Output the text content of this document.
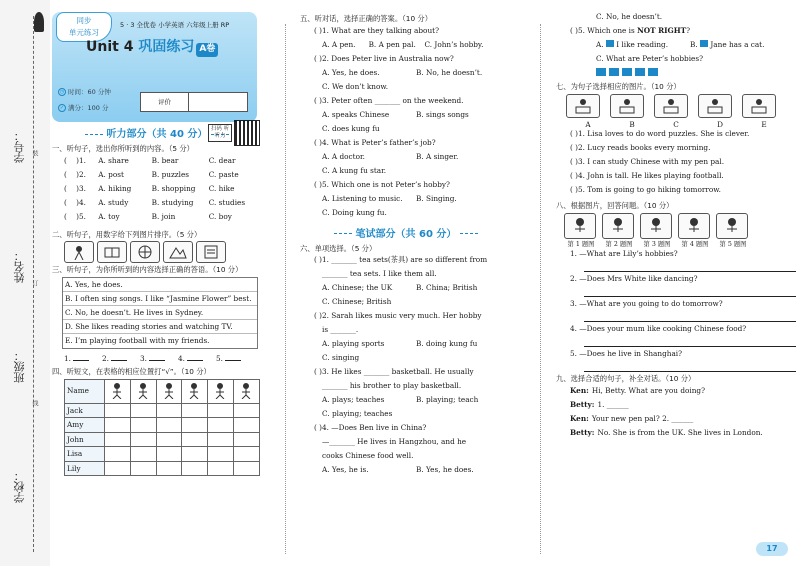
学号：
姓名：
班级：
学校：
装
订
线
同步
单元练习
5 · 3 全优卷 小学英语 六年级上册 RP
Unit 4 巩固练习 A卷
◷ 时间：60 分钟
✓ 满分：100 分
评价
听力部分（共 40 分） 扫码 听听力
一、听句子，选出你所听到的内容。（5 分）
(    )1.	A. share	B. bear	C. dear
(    )2.	A. post	B. puzzles	C. paste
(    )3.	A. hiking	B. shopping	C. hike
(    )4.	A. study	B. studying	C. studies
(    )5.	A. toy	B. join	C. boy
二、听句子，用数字给下列图片排序。（5 分）
三、听句子，为你所听到的内容选择正确的答语。（10 分）
A. Yes, he does.
B. I often sing songs. I like “Jasmine Flower” best.
C. No, he doesn’t. He lives in Sydney.
D. She likes reading stories and watching TV.
E. I’m playing football with my friends.
1.	2.	3.	4.	5.
四、听短文，在表格的相应位置打“√”。（10 分）
Name						
Jack						
Amy						
John						
Lisa						
Lily						
五、听对话，选择正确的答案。（10 分）
( )1. What are they talking about?
A. A pen.	B. A pen pal.	C. John’s hobby.
( )2. Does Peter live in Australia now?
A. Yes, he does.	B. No, he doesn’t.
C. We don’t know.
( )3. Peter often _______ on the weekend.
A. speaks Chinese	B. sings songs
C. does kung fu
( )4. What is Peter’s father’s job?
A. A doctor.	B. A singer.
C. A kung fu star.
( )5. Which one is not Peter’s hobby?
A. Listening to music.	B. Singing.
C. Doing kung fu.
笔试部分（共 60 分）
六、单项选择。（5 分）
( )1. _______ tea sets(茶具) are so different from
_______ tea sets. I like them all.
A. Chinese; the UK	B. China; British
C. Chinese; British
( )2. Sarah likes music very much. Her hobby
is _______.
A. playing sports	B. doing kung fu
C. singing
( )3. He likes _______ basketball. He usually
_______ his brother to play basketball.
A. plays; teaches	B. playing; teach
C. playing; teaches
( )4. —Does Ben live in China?
—_______ He lives in Hangzhou, and he
cooks Chinese food well.
A. Yes, he is.	B. Yes, he does.
C. No, he doesn’t.
( )5. Which one is
NOT RIGHT ?
A. I like reading.	B. Jane has a cat.
C. What are Peter’s hobbies?
七、为句子选择相应的图片。（10 分）
A	B	C	D	E
( )1. Lisa loves to do word puzzles. She is clever.
( )2. Lucy reads books every morning.
( )3. I can study Chinese with my pen pal.
( )4. John is tall. He likes playing football.
( )5. Tom is going to go hiking tomorrow.
八、根据图片，回答问题。（10 分）
第 1 题图	第 2 题图	第 3 题图	第 4 题图	第 5 题图
1. —What are Lily’s hobbies?
2. —Does Mrs White like dancing?
3. —What are you going to do tomorrow?
4. —Does your mum like cooking Chinese food?
5. —Does he live in Shanghai?
九、选择合适的句子，补全对话。（10 分）
Ken: Hi, Betty. What are you doing?
Betty: 1. ______
Ken: Your new pen pal? 2. ______
Betty: No. She is from the UK. She lives in London.
17
